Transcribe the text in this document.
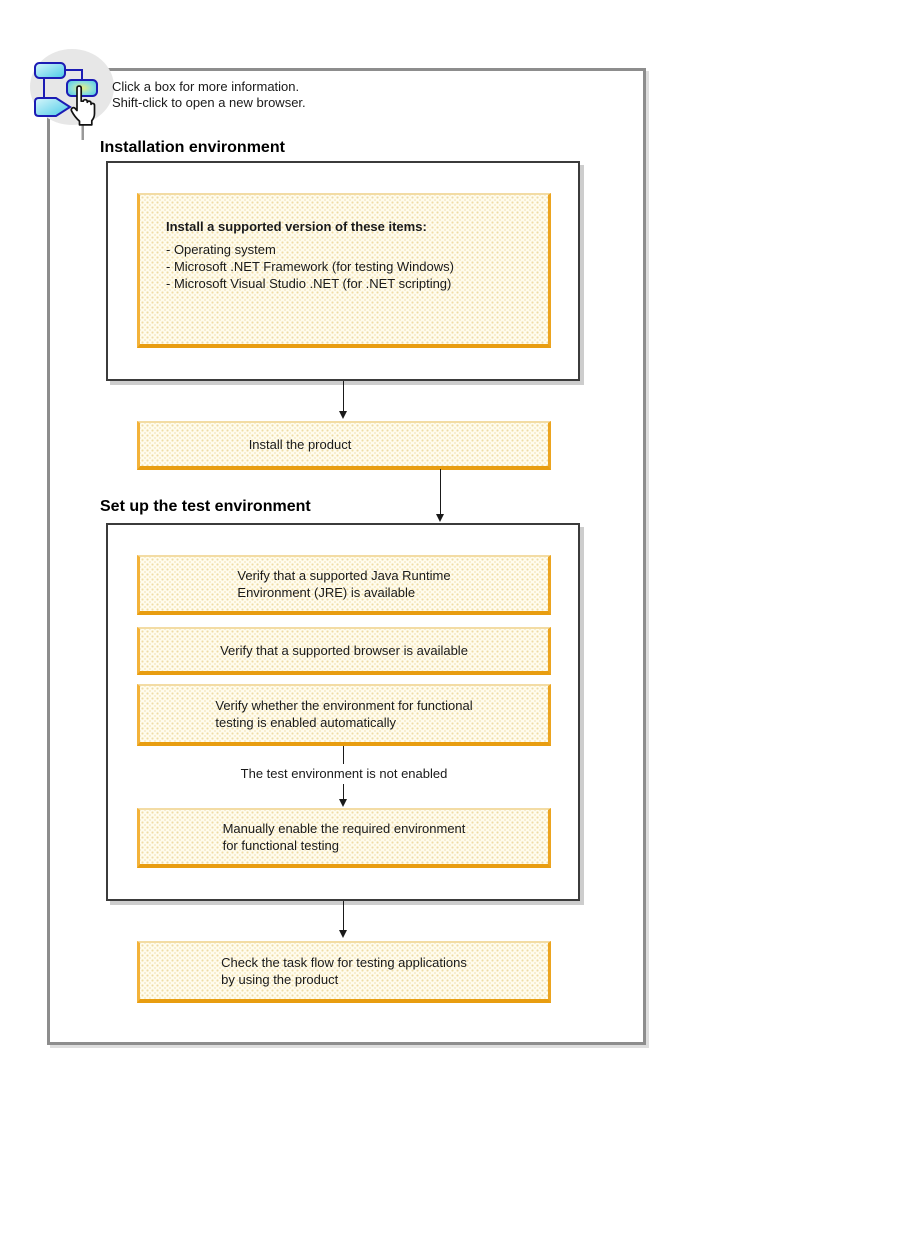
Click a box for more information.
Shift-click to open a new browser.
Installation environment
Install a supported version of these items:
- Operating system
- Microsoft .NET Framework (for testing Windows)
- Microsoft Visual Studio .NET (for .NET scripting)
Install the product
Set up the test environment
Verify that a supported Java Runtime
Environment (JRE) is available
Verify that a supported browser is available
Verify whether the environment for functional
testing is enabled automatically
The test environment is not enabled
Manually enable the required environment
for functional testing
Check the task flow for testing applications
by using the product
